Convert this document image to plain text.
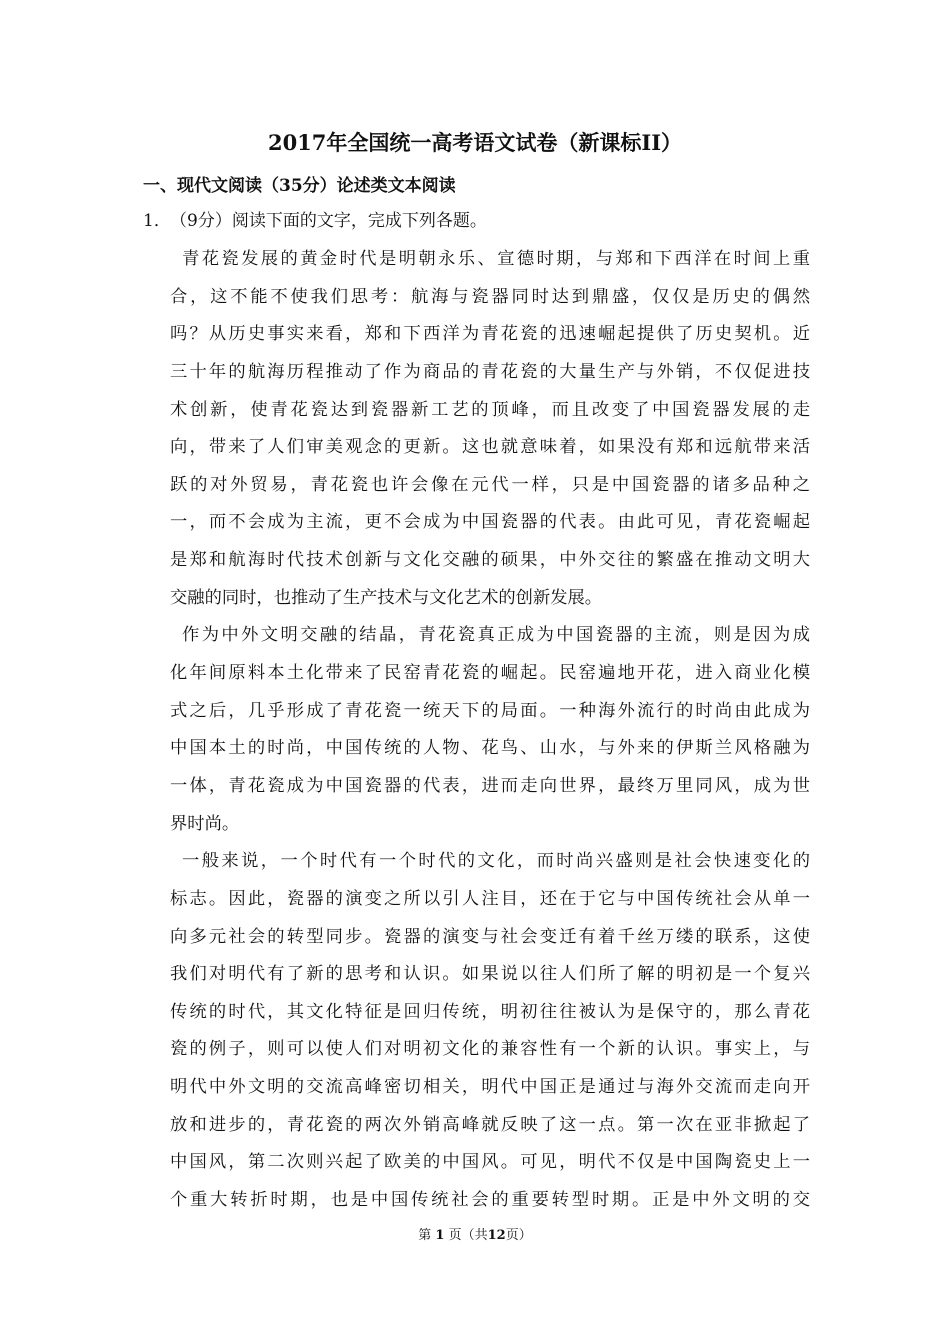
2017年全国统一高考语文试卷（新课标II）
一、现代文阅读（35分）论述类文本阅读
1．（9分）阅读下面的文字，完成下列各题。
青花瓷发展的黄金时代是明朝永乐、宣德时期，与郑和下西洋在时间上重
合，这不能不使我们思考：航海与瓷器同时达到鼎盛，仅仅是历史的偶然
吗？从历史事实来看，郑和下西洋为青花瓷的迅速崛起提供了历史契机。近
三十年的航海历程推动了作为商品的青花瓷的大量生产与外销，不仅促进技
术创新，使青花瓷达到瓷器新工艺的顶峰，而且改变了中国瓷器发展的走
向，带来了人们审美观念的更新。这也就意味着，如果没有郑和远航带来活
跃的对外贸易，青花瓷也许会像在元代一样，只是中国瓷器的诸多品种之
一，而不会成为主流，更不会成为中国瓷器的代表。由此可见，青花瓷崛起
是郑和航海时代技术创新与文化交融的硕果，中外交往的繁盛在推动文明大
交融的同时，也推动了生产技术与文化艺术的创新发展。
作为中外文明交融的结晶，青花瓷真正成为中国瓷器的主流，则是因为成
化年间原料本土化带来了民窑青花瓷的崛起。民窑遍地开花，进入商业化模
式之后，几乎形成了青花瓷一统天下的局面。一种海外流行的时尚由此成为
中国本土的时尚，中国传统的人物、花鸟、山水，与外来的伊斯兰风格融为
一体，青花瓷成为中国瓷器的代表，进而走向世界，最终万里同风，成为世
界时尚。
一般来说，一个时代有一个时代的文化，而时尚兴盛则是社会快速变化的
标志。因此，瓷器的演变之所以引人注目，还在于它与中国传统社会从单一
向多元社会的转型同步。瓷器的演变与社会变迁有着千丝万缕的联系，这使
我们对明代有了新的思考和认识。如果说以往人们所了解的明初是一个复兴
传统的时代，其文化特征是回归传统，明初往往被认为是保守的，那么青花
瓷的例子，则可以使人们对明初文化的兼容性有一个新的认识。事实上，与
明代中外文明的交流高峰密切相关，明代中国正是通过与海外交流而走向开
放和进步的，青花瓷的两次外销高峰就反映了这一点。第一次在亚非掀起了
中国风，第二次则兴起了欧美的中国风。可见，明代不仅是中国陶瓷史上一
个重大转折时期，也是中国传统社会的重要转型时期。正是中外文明的交
第 1 页（共12页）
